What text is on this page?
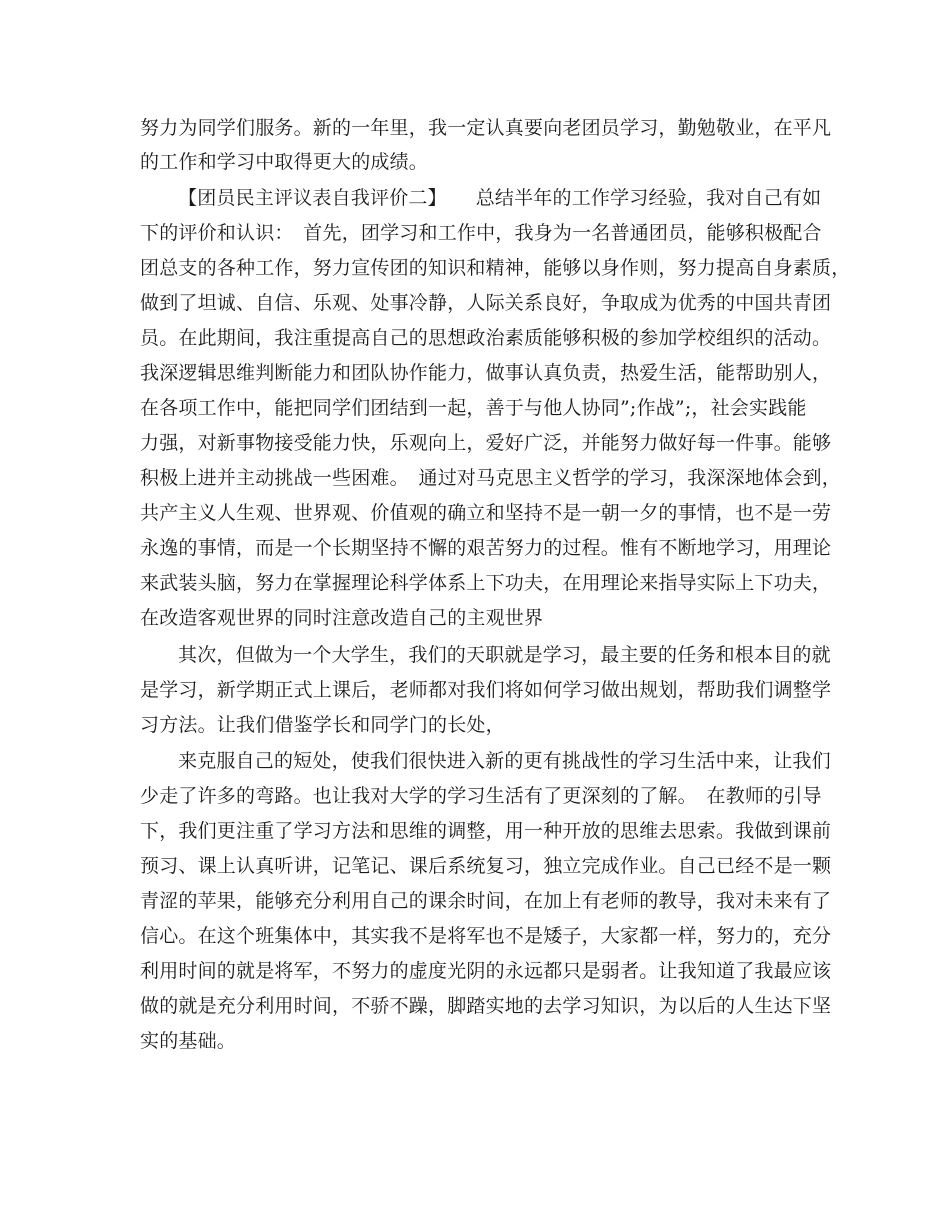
努力为同学们服务。新的一年里，我一定认真要向老团员学习，勤勉敬业，在平凡
的工作和学习中取得更大的成绩。
【团员民主评议表自我评价二】　　总结半年的工作学习经验，我对自己有如
下的评价和认识：　首先，团学习和工作中，我身为一名普通团员，能够积极配合
团总支的各种工作，努力宣传团的知识和精神，能够以身作则，努力提高自身素质，
做到了坦诚、自信、乐观、处事冷静，人际关系良好，争取成为优秀的中国共青团
员。在此期间，我注重提高自己的思想政治素质能够积极的参加学校组织的活动。
我深逻辑思维判断能力和团队协作能力，做事认真负责，热爱生活，能帮助别人，
在各项工作中，能把同学们团结到一起，善于与他人协同”;作战”;，社会实践能
力强，对新事物接受能力快，乐观向上，爱好广泛，并能努力做好每一件事。能够
积极上进并主动挑战一些困难。　通过对马克思主义哲学的学习，我深深地体会到，
共产主义人生观、世界观、价值观的确立和坚持不是一朝一夕的事情，也不是一劳
永逸的事情，而是一个长期坚持不懈的艰苦努力的过程。惟有不断地学习，用理论
来武装头脑，努力在掌握理论科学体系上下功夫，在用理论来指导实际上下功夫，
在改造客观世界的同时注意改造自己的主观世界
其次，但做为一个大学生，我们的天职就是学习，最主要的任务和根本目的就
是学习，新学期正式上课后，老师都对我们将如何学习做出规划，帮助我们调整学
习方法。让我们借鉴学长和同学门的长处，
来克服自己的短处，使我们很快进入新的更有挑战性的学习生活中来，让我们
少走了许多的弯路。也让我对大学的学习生活有了更深刻的了解。　在教师的引导
下，我们更注重了学习方法和思维的调整，用一种开放的思维去思索。我做到课前
预习、课上认真听讲，记笔记、课后系统复习，独立完成作业。自己已经不是一颗
青涩的苹果，能够充分利用自己的课余时间，在加上有老师的教导，我对未来有了
信心。在这个班集体中，其实我不是将军也不是矮子，大家都一样，努力的，充分
利用时间的就是将军，不努力的虚度光阴的永远都只是弱者。让我知道了我最应该
做的就是充分利用时间，不骄不躁，脚踏实地的去学习知识，为以后的人生达下坚
实的基础。
